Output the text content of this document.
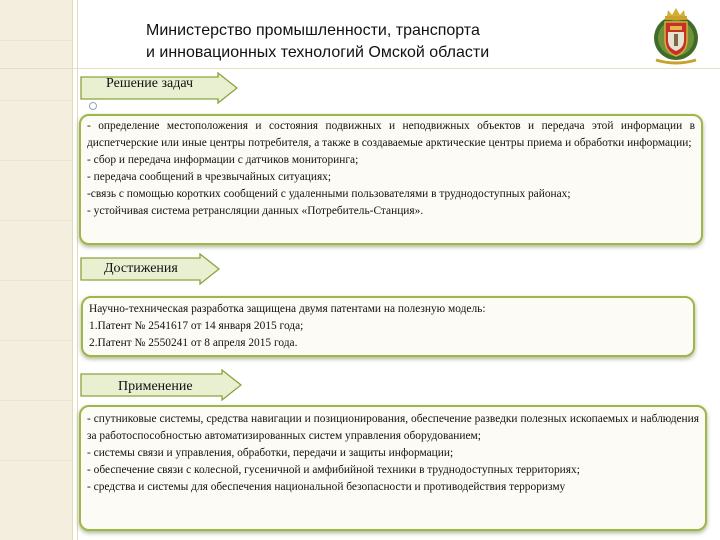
Министерство промышленности, транспорта
и инновационных технологий Омской области
Решение задач

- определение местоположения и состояния подвижных и неподвижных объектов и передача этой информации в диспетчерские или иные центры потребителя, а также в создаваемые арктические центры приема и обработки информации;

- сбор и передача информации с датчиков мониторинга;

- передача сообщений в чрезвычайных ситуациях;

-связь с помощью коротких сообщений с удаленными пользователями в труднодоступных районах;

- устойчивая система ретрансляции данных «Потребитель-Станция».

Достижения

Научно-техническая разработка защищена двумя патентами на полезную модель:

1.Патент № 2541617 от 14 января 2015 года;

2.Патент № 2550241 от 8 апреля 2015 года.

Применение

- спутниковые системы, средства навигации и позиционирования, обеспечение разведки полезных ископаемых и наблюдения за работоспособностью автоматизированных систем управления оборудованием;

- системы связи и управления, обработки, передачи и защиты информации;

- обеспечение связи с колесной, гусеничной и амфибийной техники в труднодоступных территориях;

- средства и системы для обеспечения национальной безопасности и противодействия терроризму
